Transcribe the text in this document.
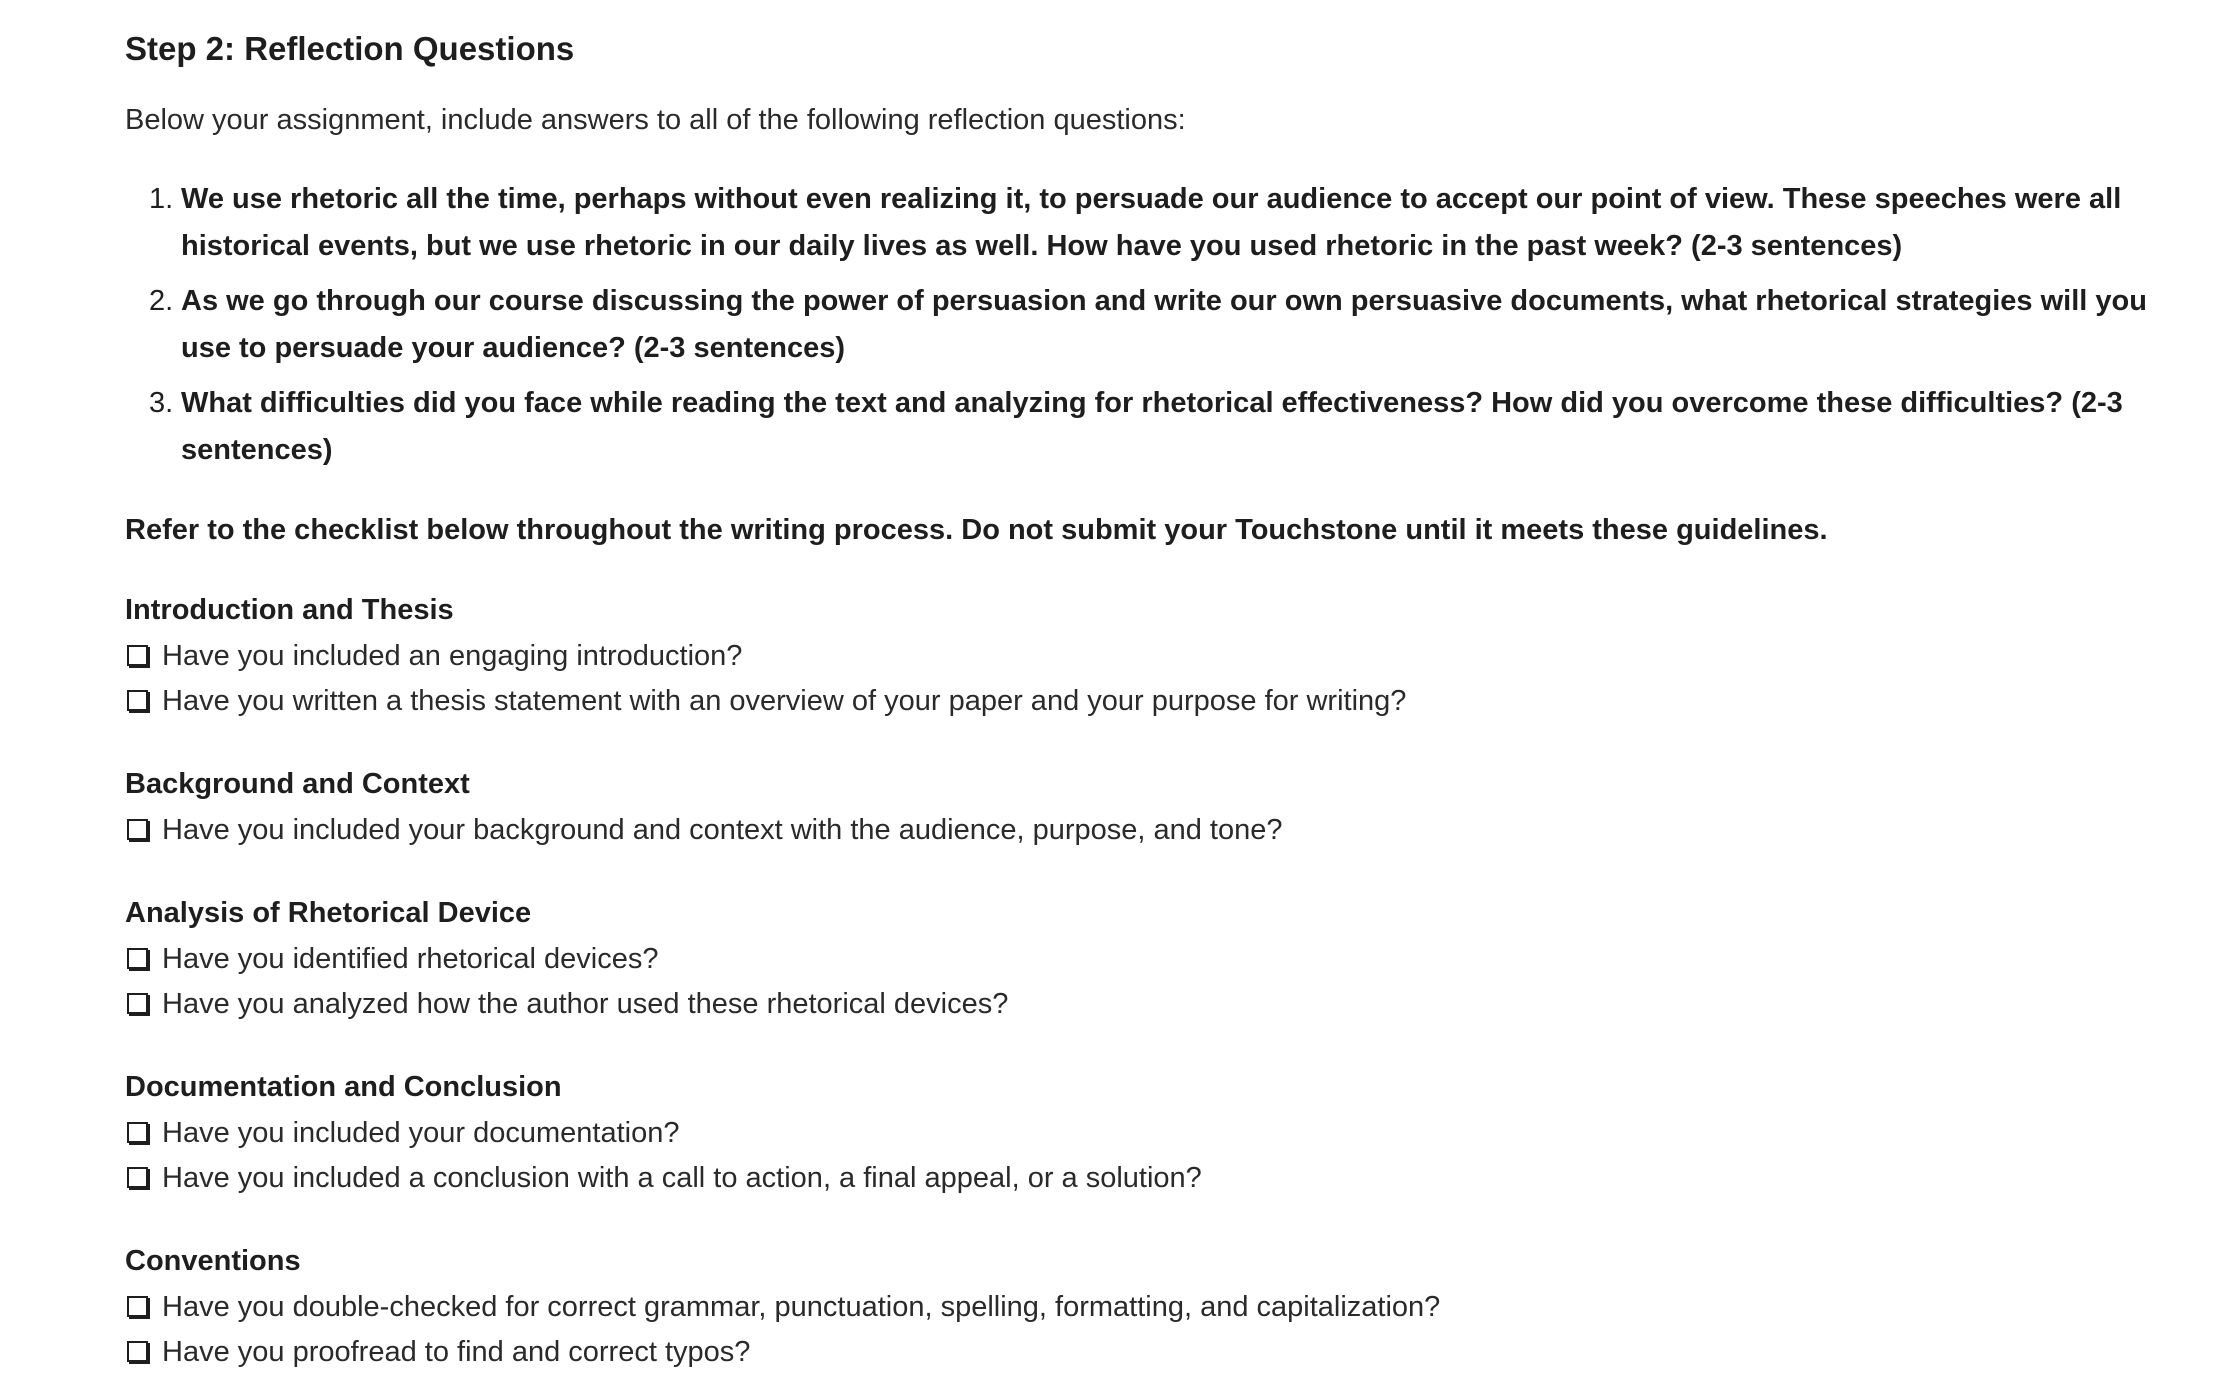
Step 2: Reflection Questions

Below your assignment, include answers to all of the following reflection questions:

1. We use rhetoric all the time, perhaps without even realizing it, to persuade our audience to accept our point of view. These speeches were all historical events, but we use rhetoric in our daily lives as well. How have you used rhetoric in the past week? (2-3 sentences)
2. As we go through our course discussing the power of persuasion and write our own persuasive documents, what rhetorical strategies will you use to persuade your audience? (2-3 sentences)
3. What difficulties did you face while reading the text and analyzing for rhetorical effectiveness? How did you overcome these difficulties? (2-3 sentences)

Refer to the checklist below throughout the writing process. Do not submit your Touchstone until it meets these guidelines.

Introduction and Thesis
Have you included an engaging introduction?
Have you written a thesis statement with an overview of your paper and your purpose for writing?
Background and Context
Have you included your background and context with the audience, purpose, and tone?
Analysis of Rhetorical Device
Have you identified rhetorical devices?
Have you analyzed how the author used these rhetorical devices?
Documentation and Conclusion
Have you included your documentation?
Have you included a conclusion with a call to action, a final appeal, or a solution?
Conventions
Have you double-checked for correct grammar, punctuation, spelling, formatting, and capitalization?
Have you proofread to find and correct typos?
